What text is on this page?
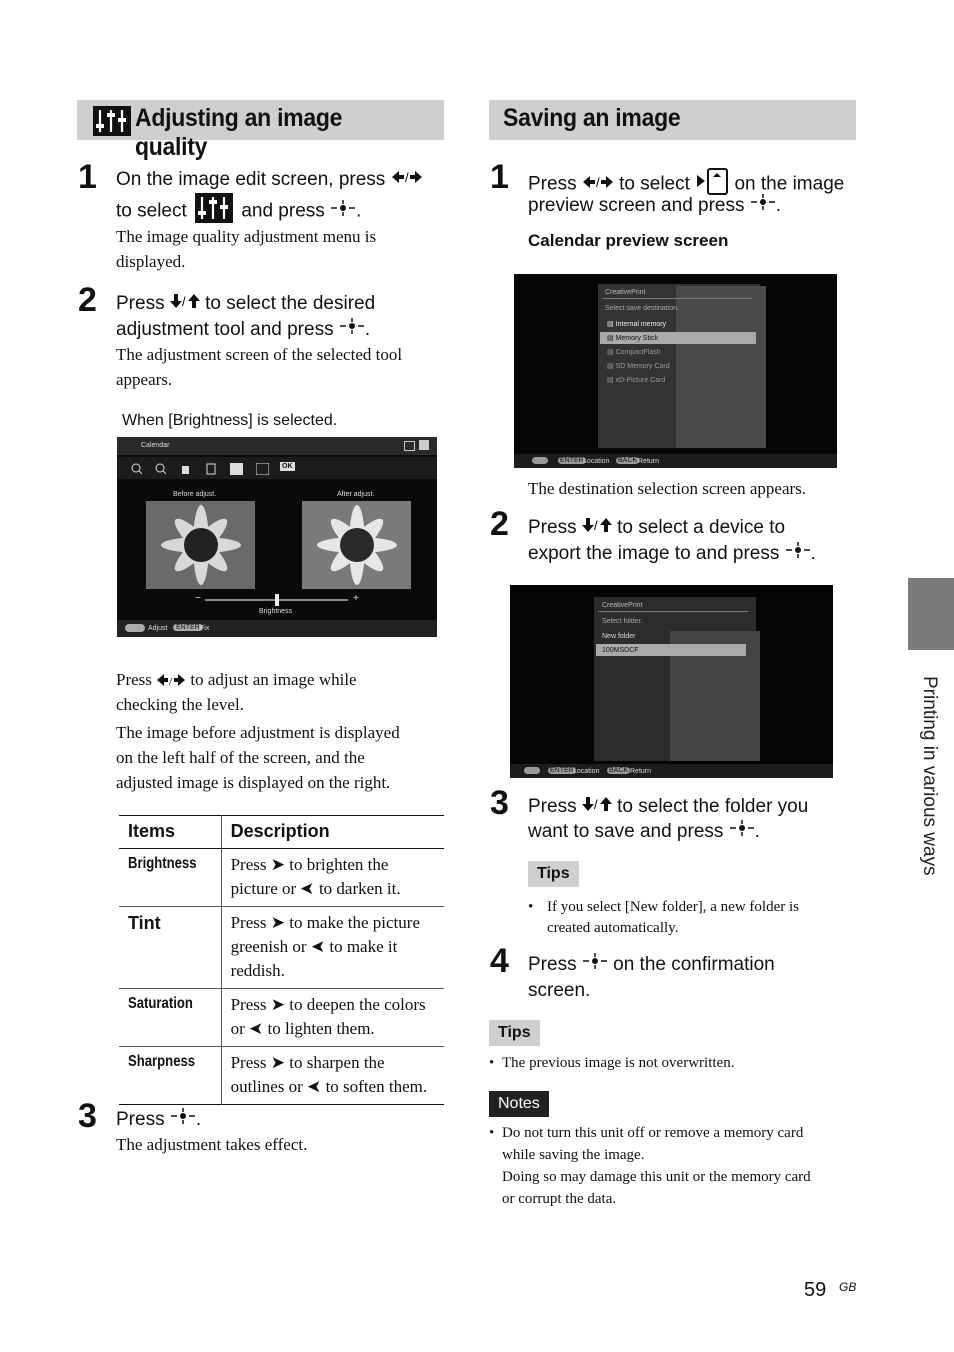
Adjusting an image quality
1 On the image edit screen, press /
to select	and press .
The image quality adjustment menu is
displayed.
2 Press / to select the desired
adjustment tool and press .
The adjustment screen of the selected tool
appears.
When [Brightness] is selected.
Calendar
OK
Before adjust.	After adjust.
−	+
Brightness
Adjust	ENTER Fix
Press / to adjust an image while
checking the level.
The image before adjustment is displayed
on the left half of the screen, and the
adjusted image is displayed on the right.
Items	Description
Brightness	Press ➤ to brighten the
picture or ➤ to darken it.
Tint	Press ➤ to make the picture
greenish or ➤ to make it
reddish.
Saturation	Press ➤ to deepen the colors
or ➤ to lighten them.
Sharpness	Press ➤ to sharpen the
outlines or ➤ to soften them.
3 Press .
The adjustment takes effect.
Saving an image
1 Press / to select on the image
preview screen and press .
Calendar preview screen
CreativePrint
Select save destination.
▤ Internal memory
▤ Memory Stick
▤ CompactFlash
▤ SD Memory Card
▤ xD-Picture Card
ENTER Location BACK Return
The destination selection screen appears.
2 Press / to select a device to
export the image to and press .
CreativePrint
Select folder.
New folder
100MSDCF
ENTER Location BACK Return
3 Press / to select the folder you
want to save and press .
Tips
• If you select [New folder], a new folder is
created automatically.
4 Press on the confirmation
screen.
Tips
• The previous image is not overwritten.
Notes
• Do not turn this unit off or remove a memory card
while saving the image.
Doing so may damage this unit or the memory card
or corrupt the data.
Printing in various ways
59 GB
